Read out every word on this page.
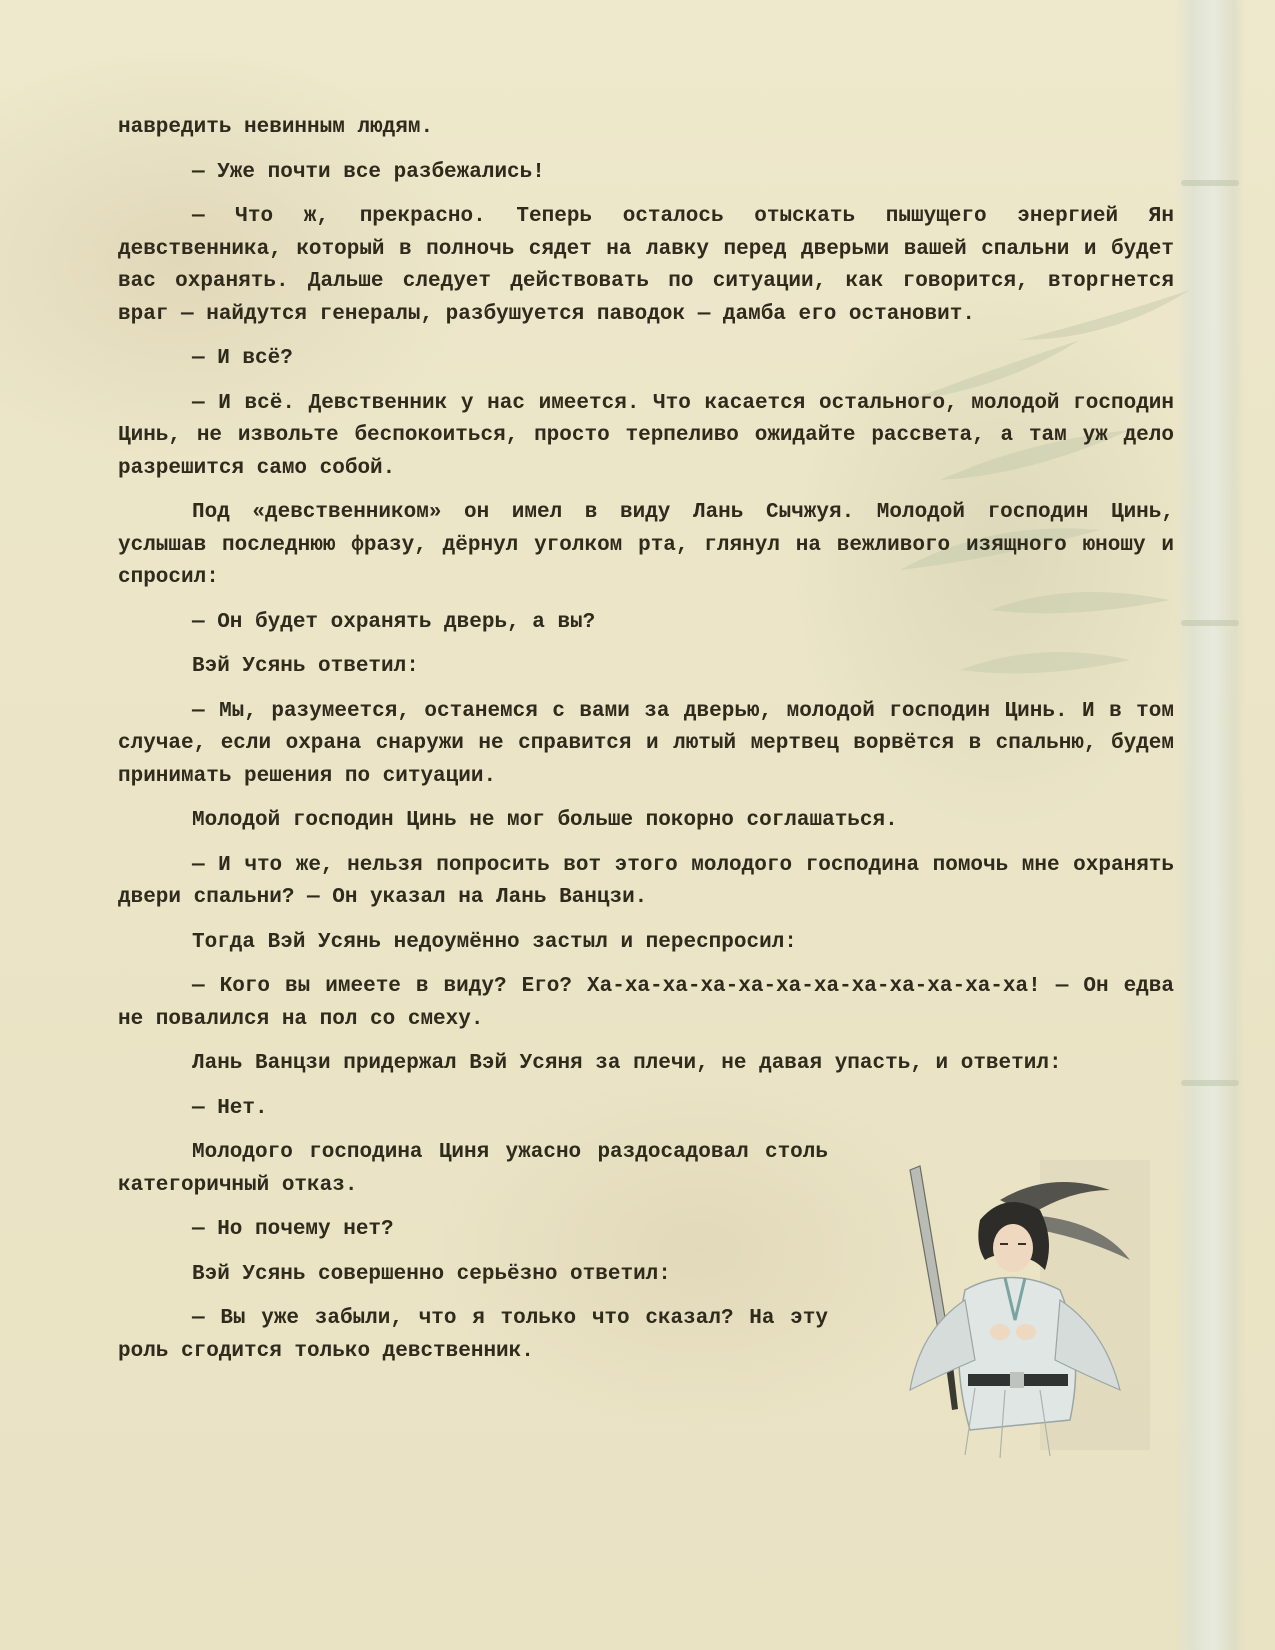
навредить невинным людям.

— Уже почти все разбежались!

— Что ж, прекрасно. Теперь осталось отыскать пышущего энергией Ян девственника, который в полночь сядет на лавку перед дверьми вашей спальни и будет вас охранять. Дальше следует действовать по ситуации, как говорится, вторгнется враг — найдутся генералы, разбушуется паводок — дамба его остановит.

— И всё?

— И всё. Девственник у нас имеется. Что касается остального, молодой господин Цинь, не извольте беспокоиться, просто терпеливо ожидайте рассвета, а там уж дело разрешится само собой.

Под «девственником» он имел в виду Лань Сычжуя. Молодой господин Цинь, услышав последнюю фразу, дёрнул уголком рта, глянул на вежливого изящного юношу и спросил:

— Он будет охранять дверь, а вы?

Вэй Усянь ответил:

— Мы, разумеется, останемся с вами за дверью, молодой господин Цинь. И в том случае, если охрана снаружи не справится и лютый мертвец ворвётся в спальню, будем принимать решения по ситуации.

Молодой господин Цинь не мог больше покорно соглашаться.

— И что же, нельзя попросить вот этого молодого господина помочь мне охранять двери спальни? — Он указал на Лань Ванцзи.

Тогда Вэй Усянь недоумённо застыл и переспросил:

— Кого вы имеете в виду? Его? Ха-ха-ха-ха-ха-ха-ха-ха-ха-ха-ха-ха! — Он едва не повалился на пол со смеху.

Лань Ванцзи придержал Вэй Усяня за плечи, не давая упасть, и ответил:

— Нет.

Молодого господина Циня ужасно раздосадовал столь категоричный отказ.

— Но почему нет?

Вэй Усянь совершенно серьёзно ответил:

— Вы уже забыли, что я только что сказал? На эту роль сгодится только девственник.
